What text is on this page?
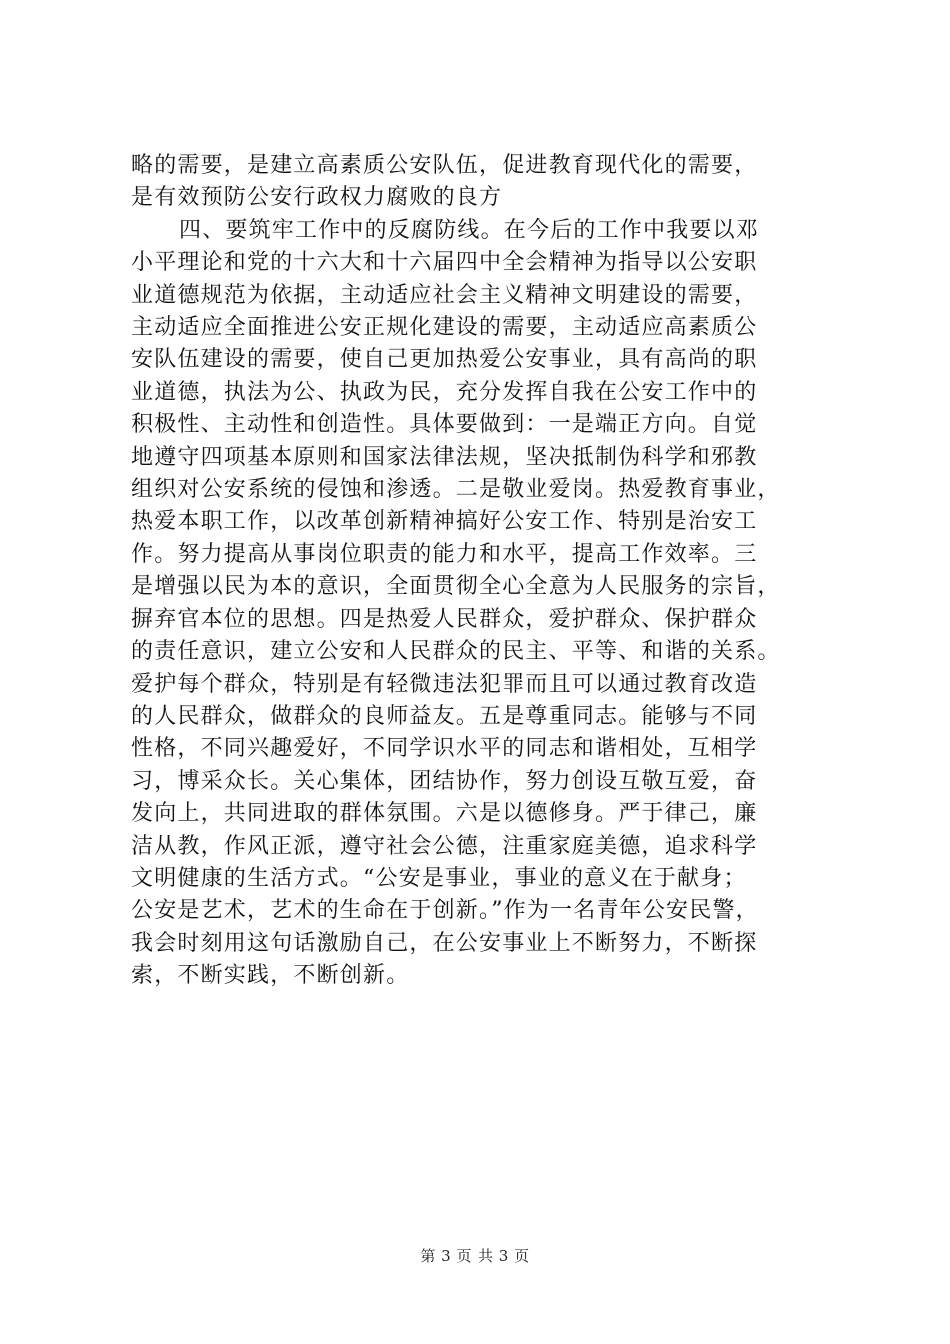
略的需要，是建立高素质公安队伍，促进教育现代化的需要，
是有效预防公安行政权力腐败的良方

四、要筑牢工作中的反腐防线。在今后的工作中我要以邓
小平理论和党的十六大和十六届四中全会精神为指导以公安职
业道德规范为依据，主动适应社会主义精神文明建设的需要，
主动适应全面推进公安正规化建设的需要，主动适应高素质公
安队伍建设的需要，使自己更加热爱公安事业，具有高尚的职
业道德，执法为公、执政为民，充分发挥自我在公安工作中的
积极性、主动性和创造性。具体要做到：一是端正方向。自觉
地遵守四项基本原则和国家法律法规，坚决抵制伪科学和邪教
组织对公安系统的侵蚀和渗透。二是敬业爱岗。热爱教育事业，
热爱本职工作，以改革创新精神搞好公安工作、特别是治安工
作。努力提高从事岗位职责的能力和水平，提高工作效率。三
是增强以民为本的意识，全面贯彻全心全意为人民服务的宗旨，
摒弃官本位的思想。四是热爱人民群众，爱护群众、保护群众
的责任意识，建立公安和人民群众的民主、平等、和谐的关系。
爱护每个群众，特别是有轻微违法犯罪而且可以通过教育改造
的人民群众，做群众的良师益友。五是尊重同志。能够与不同
性格，不同兴趣爱好，不同学识水平的同志和谐相处，互相学
习，博采众长。关心集体，团结协作，努力创设互敬互爱，奋
发向上，共同进取的群体氛围。六是以德修身。严于律己，廉
洁从教，作风正派，遵守社会公德，注重家庭美德，追求科学
文明健康的生活方式。“公安是事业，事业的意义在于献身；
公安是艺术，艺术的生命在于创新。”作为一名青年公安民警，
我会时刻用这句话激励自己，在公安事业上不断努力，不断探
索，不断实践，不断创新。

第 3 页 共 3 页
